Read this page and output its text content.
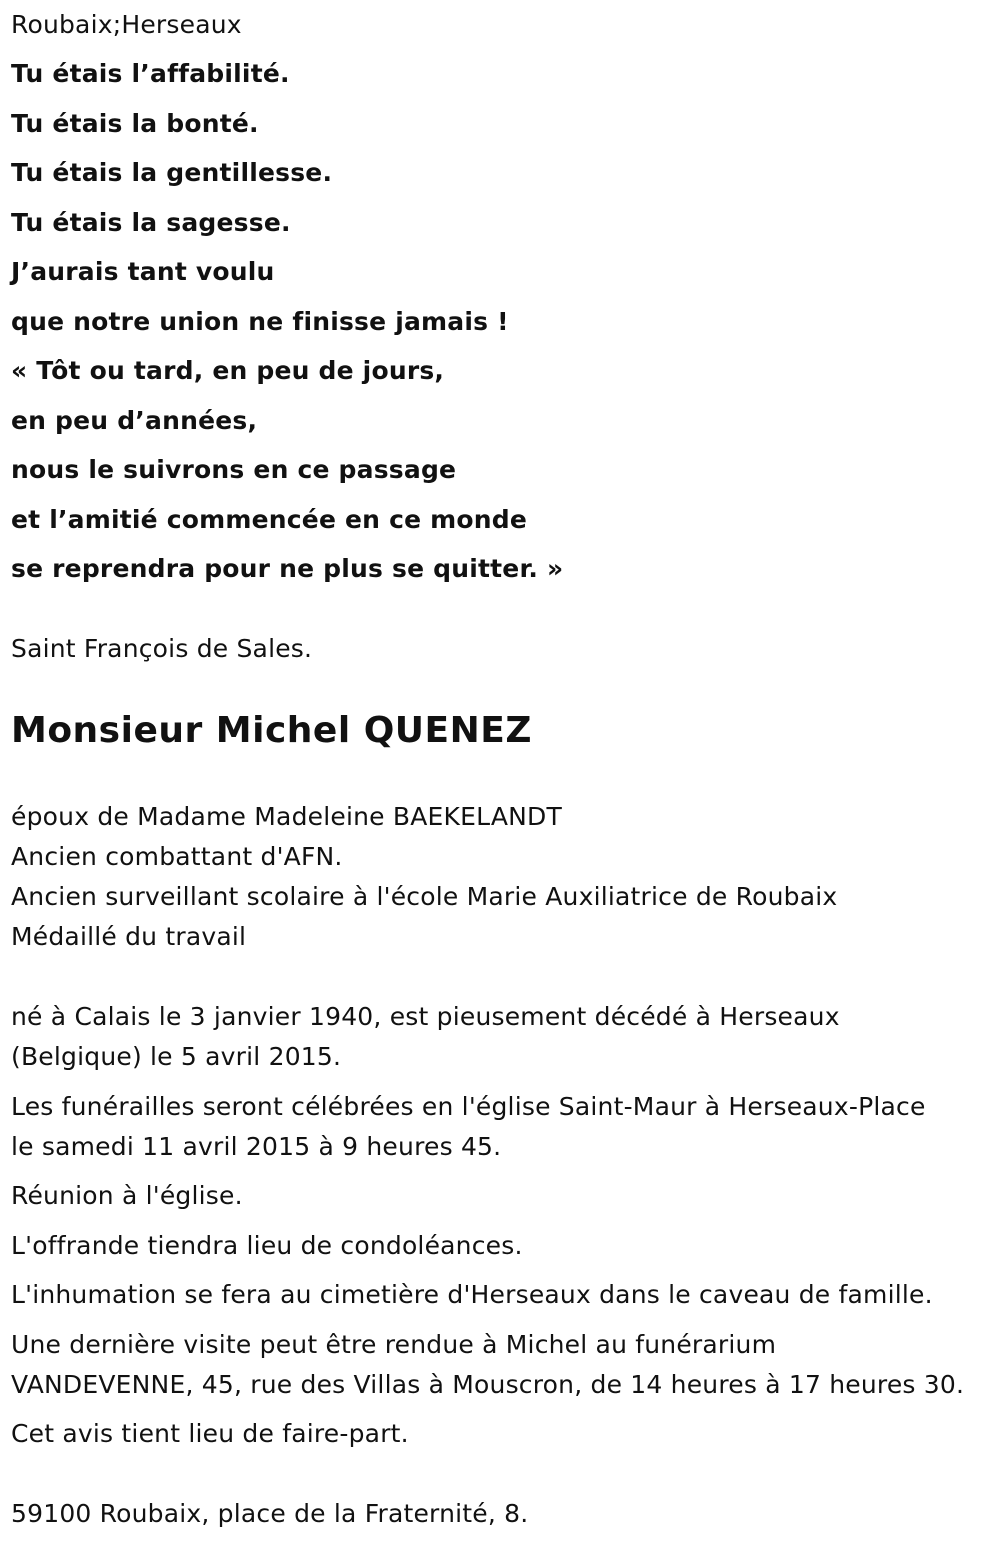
Roubaix;Herseaux
Tu étais l’affabilité.
Tu étais la bonté.
Tu étais la gentillesse.
Tu étais la sagesse.
J’aurais tant voulu
que notre union ne finisse jamais !
« Tôt ou tard, en peu de jours,
en peu d’années,
nous le suivrons en ce passage
et l’amitié commencée en ce monde
se reprendra pour ne plus se quitter. »
Saint François de Sales.
Monsieur Michel QUENEZ
époux de Madame Madeleine BAEKELANDT
Ancien combattant d'AFN.
Ancien surveillant scolaire à l'école Marie Auxiliatrice de Roubaix
Médaillé du travail
né à Calais le 3 janvier 1940, est pieusement décédé à Herseaux
(Belgique) le 5 avril 2015.
Les funérailles seront célébrées en l'église Saint-Maur à Herseaux-Place
le samedi 11 avril 2015 à 9 heures 45.
Réunion à l'église.
L'offrande tiendra lieu de condoléances.
L'inhumation se fera au cimetière d'Herseaux dans le caveau de famille.
Une dernière visite peut être rendue à Michel au funérarium
VANDEVENNE, 45, rue des Villas à Mouscron, de 14 heures à 17 heures 30.
Cet avis tient lieu de faire-part.
59100 Roubaix, place de la Fraternité, 8.
